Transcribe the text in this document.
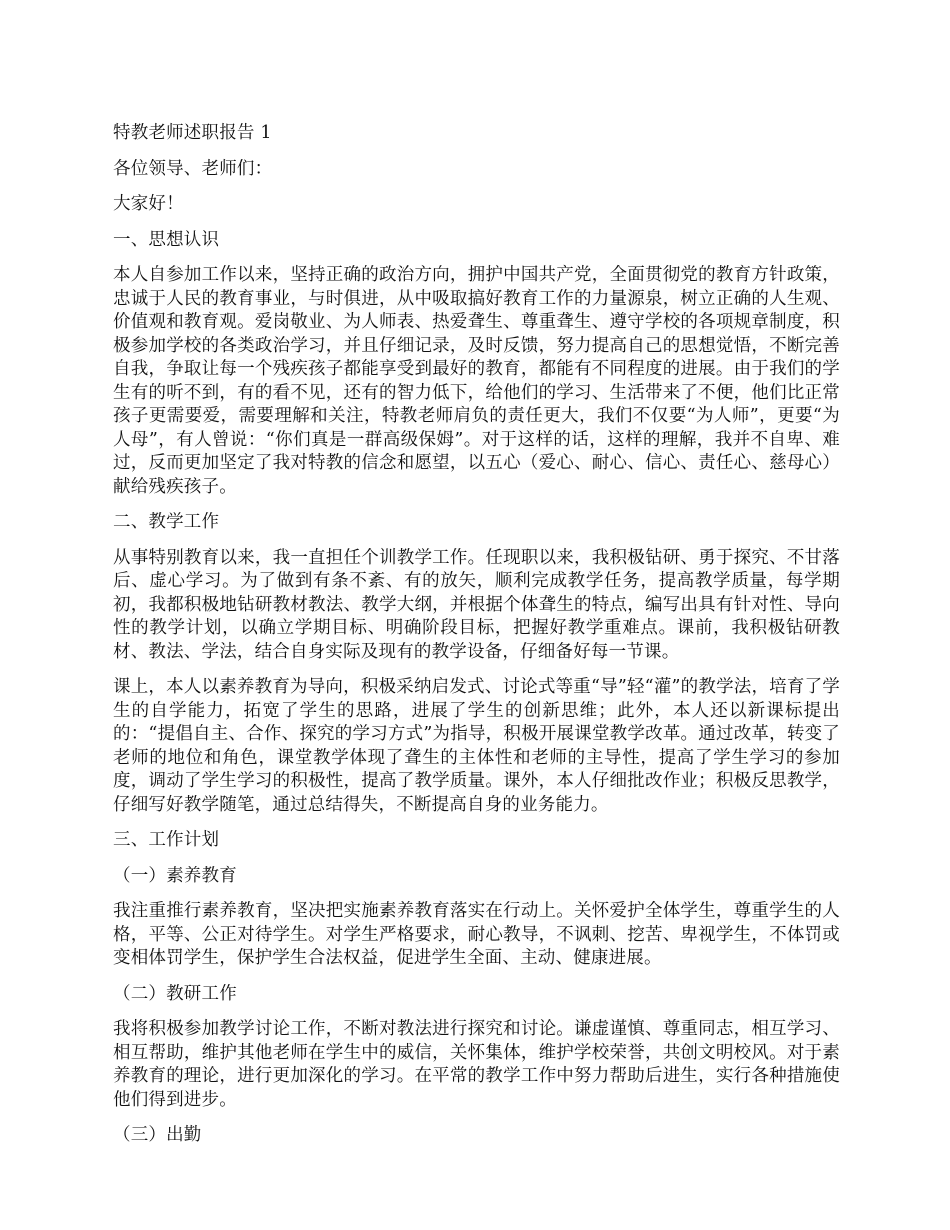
特教老师述职报告 1

各位领导、老师们：

大家好！

一、思想认识

本人自参加工作以来，坚持正确的政治方向，拥护中国共产党，全面贯彻党的教育方针政策，忠诚于人民的教育事业，与时俱进，从中吸取搞好教育工作的力量源泉，树立正确的人生观、价值观和教育观。爱岗敬业、为人师表、热爱聋生、尊重聋生、遵守学校的各项规章制度，积极参加学校的各类政治学习，并且仔细记录，及时反馈，努力提高自己的思想觉悟，不断完善自我，争取让每一个残疾孩子都能享受到最好的教育，都能有不同程度的进展。由于我们的学生有的听不到，有的看不见，还有的智力低下，给他们的学习、生活带来了不便，他们比正常孩子更需要爱，需要理解和关注，特教老师肩负的责任更大，我们不仅要“为人师”，更要“为人母”，有人曾说：“你们真是一群高级保姆”。对于这样的话，这样的理解，我并不自卑、难过，反而更加坚定了我对特教的信念和愿望，以五心（爱心、耐心、信心、责任心、慈母心）献给残疾孩子。

二、教学工作

从事特别教育以来，我一直担任个训教学工作。任现职以来，我积极钻研、勇于探究、不甘落后、虚心学习。为了做到有条不紊、有的放矢，顺利完成教学任务，提高教学质量，每学期初，我都积极地钻研教材教法、教学大纲，并根据个体聋生的特点，编写出具有针对性、导向性的教学计划，以确立学期目标、明确阶段目标，把握好教学重难点。课前，我积极钻研教材、教法、学法，结合自身实际及现有的教学设备，仔细备好每一节课。

课上，本人以素养教育为导向，积极采纳启发式、讨论式等重“导”轻“灌”的教学法，培育了学生的自学能力，拓宽了学生的思路，进展了学生的创新思维；此外，本人还以新课标提出的：“提倡自主、合作、探究的学习方式”为指导，积极开展课堂教学改革。通过改革，转变了老师的地位和角色，课堂教学体现了聋生的主体性和老师的主导性，提高了学生学习的参加度，调动了学生学习的积极性，提高了教学质量。课外，本人仔细批改作业；积极反思教学，仔细写好教学随笔，通过总结得失，不断提高自身的业务能力。

三、工作计划

（一）素养教育

我注重推行素养教育，坚决把实施素养教育落实在行动上。关怀爱护全体学生，尊重学生的人格，平等、公正对待学生。对学生严格要求，耐心教导，不讽刺、挖苦、卑视学生，不体罚或变相体罚学生，保护学生合法权益，促进学生全面、主动、健康进展。

（二）教研工作

我将积极参加教学讨论工作，不断对教法进行探究和讨论。谦虚谨慎、尊重同志，相互学习、相互帮助，维护其他老师在学生中的威信，关怀集体，维护学校荣誉，共创文明校风。对于素养教育的理论，进行更加深化的学习。在平常的教学工作中努力帮助后进生，实行各种措施使他们得到进步。

（三）出勤
